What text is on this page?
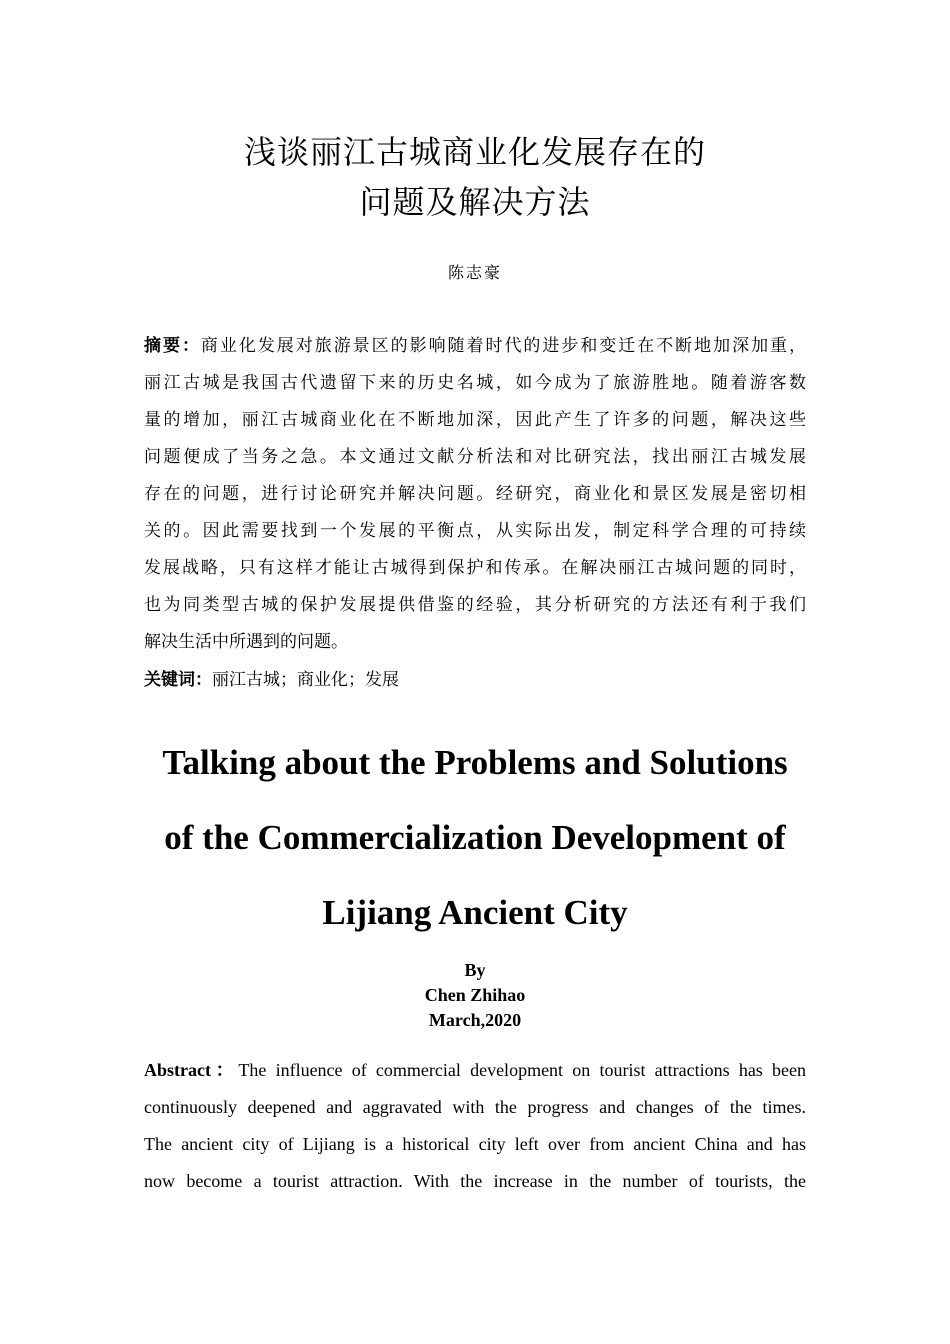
浅谈丽江古城商业化发展存在的
问题及解决方法
陈志豪
摘要：商业化发展对旅游景区的影响随着时代的进步和变迁在不断地加深加重，
丽江古城是我国古代遗留下来的历史名城，如今成为了旅游胜地。随着游客数
量的增加，丽江古城商业化在不断地加深，因此产生了许多的问题，解决这些
问题便成了当务之急。本文通过文献分析法和对比研究法，找出丽江古城发展
存在的问题，进行讨论研究并解决问题。经研究，商业化和景区发展是密切相
关的。因此需要找到一个发展的平衡点，从实际出发，制定科学合理的可持续
发展战略，只有这样才能让古城得到保护和传承。在解决丽江古城问题的同时，
也为同类型古城的保护发展提供借鉴的经验，其分析研究的方法还有利于我们
解决生活中所遇到的问题。
关键词：丽江古城；商业化；发展
Talking about the Problems and Solutions
of the Commercialization Development of
Lijiang Ancient City
By
Chen Zhihao
March,2020
Abstract：The influence of commercial development on tourist attractions has been
continuously deepened and aggravated with the progress and changes of the times.
The ancient city of Lijiang is a historical city left over from ancient China and has
now become a tourist attraction. With the increase in the number of tourists, the
